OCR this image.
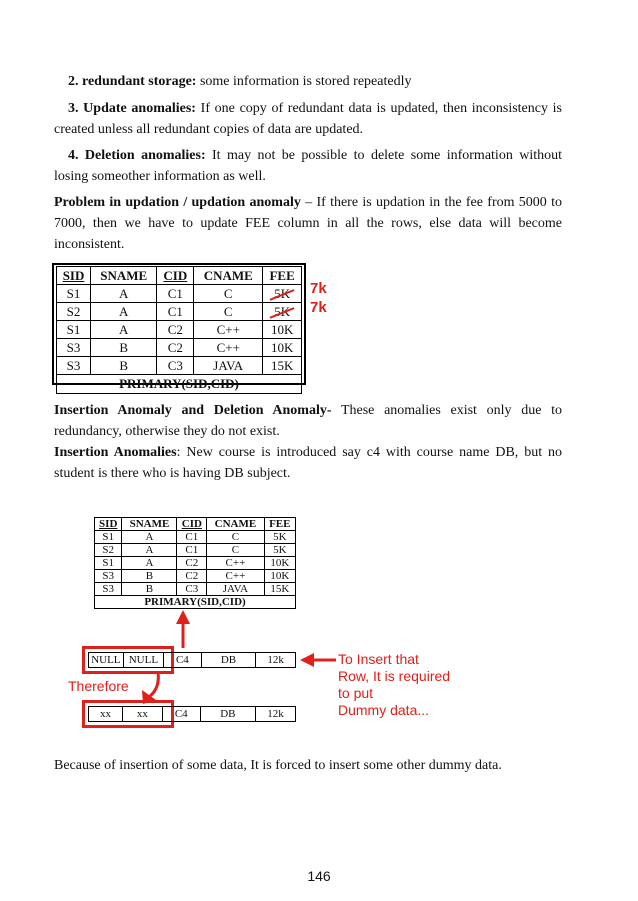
2. redundant storage: some information is stored repeatedly

3. Update anomalies: If one copy of redundant data is updated, then inconsistency is created unless all redundant copies of data are updated.

4. Deletion anomalies: It may not be possible to delete some information without losing someother information as well.

Problem in updation / updation anomaly – If there is updation in the fee from 5000 to 7000, then we have to update FEE column in all the rows, else data will become inconsistent.

SID	SNAME	CID	CNAME	FEE
S1	A	C1	C	5K
S2	A	C1	C	5K
S1	A	C2	C++	10K
S3	B	C2	C++	10K
S3	B	C3	JAVA	15K
PRIMARY(SID,CID)				
7k
7k

Insertion Anomaly and Deletion Anomaly- These anomalies exist only due to redundancy, otherwise they do not exist.

Insertion Anomalies: New course is introduced say c4 with course name DB, but no student is there who is having DB subject.

SID	SNAME	CID	CNAME	FEE
S1	A	C1	C	5K
S2	A	C1	C	5K
S1	A	C2	C++	10K
S3	B	C2	C++	10K
S3	B	C3	JAVA	15K
PRIMARY(SID,CID)				
NULL	NULL	C4	DB	12k
xx	xx	C4	DB	12k
Therefore
To Insert that
Row, It is required
to put
Dummy data...

Because of insertion of some data, It is forced to insert some other dummy data.

146
